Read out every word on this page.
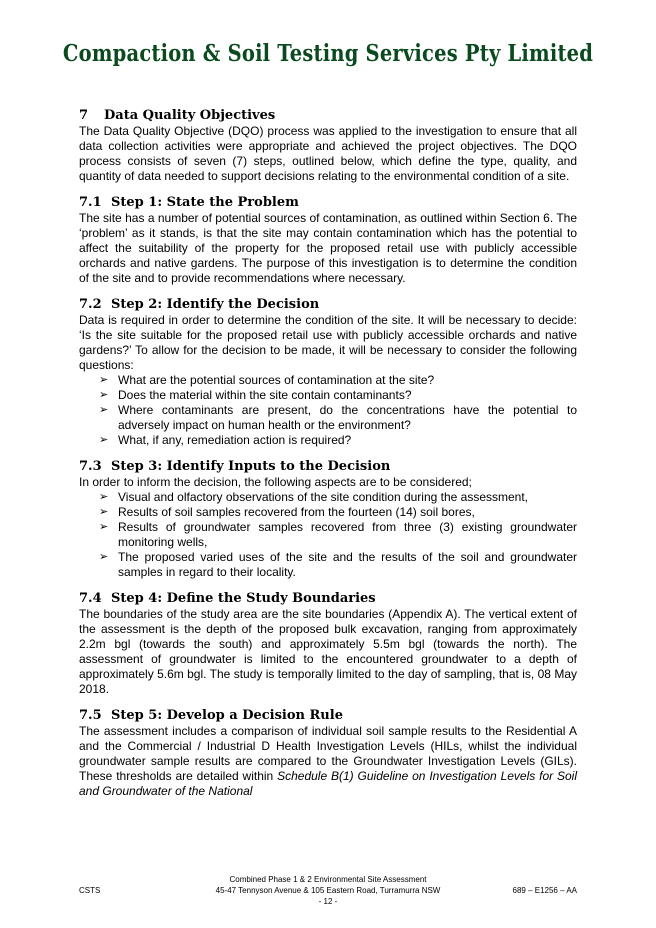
Compaction & Soil Testing Services Pty Limited
7 Data Quality Objectives

The Data Quality Objective (DQO) process was applied to the investigation to ensure that all data collection activities were appropriate and achieved the project objectives. The DQO process consists of seven (7) steps, outlined below, which define the type, quality, and quantity of data needed to support decisions relating to the environmental condition of a site.

7.1 Step 1: State the Problem

The site has a number of potential sources of contamination, as outlined within Section 6. The ‘problem’ as it stands, is that the site may contain contamination which has the potential to affect the suitability of the property for the proposed retail use with publicly accessible orchards and native gardens. The purpose of this investigation is to determine the condition of the site and to provide recommendations where necessary.

7.2 Step 2: Identify the Decision

Data is required in order to determine the condition of the site. It will be necessary to decide: ‘Is the site suitable for the proposed retail use with publicly accessible orchards and native gardens?’ To allow for the decision to be made, it will be necessary to consider the following questions:

➢ What are the potential sources of contamination at the site?
➢ Does the material within the site contain contaminants?
➢ Where contaminants are present, do the concentrations have the potential to adversely impact on human health or the environment?
➢ What, if any, remediation action is required?
7.3 Step 3: Identify Inputs to the Decision

In order to inform the decision, the following aspects are to be considered;

➢ Visual and olfactory observations of the site condition during the assessment,
➢ Results of soil samples recovered from the fourteen (14) soil bores,
➢ Results of groundwater samples recovered from three (3) existing groundwater monitoring wells,
➢ The proposed varied uses of the site and the results of the soil and groundwater samples in regard to their locality.
7.4 Step 4: Define the Study Boundaries

The boundaries of the study area are the site boundaries (Appendix A). The vertical extent of the assessment is the depth of the proposed bulk excavation, ranging from approximately 2.2m bgl (towards the south) and approximately 5.5m bgl (towards the north). The assessment of groundwater is limited to the encountered groundwater to a depth of approximately 5.6m bgl. The study is temporally limited to the day of sampling, that is, 08 May 2018.

7.5 Step 5: Develop a Decision Rule

The assessment includes a comparison of individual soil sample results to the Residential A and the Commercial / Industrial D Health Investigation Levels (HILs, whilst the individual groundwater sample results are compared to the Groundwater Investigation Levels (GILs). These thresholds are detailed within Schedule B(1) Guideline on Investigation Levels for Soil and Groundwater of the National

Combined Phase 1 & 2 Environmental Site Assessment
45-47 Tennyson Avenue & 105 Eastern Road, Turramurra NSW
- 12 -
CSTS	689 – E1256 – AA
